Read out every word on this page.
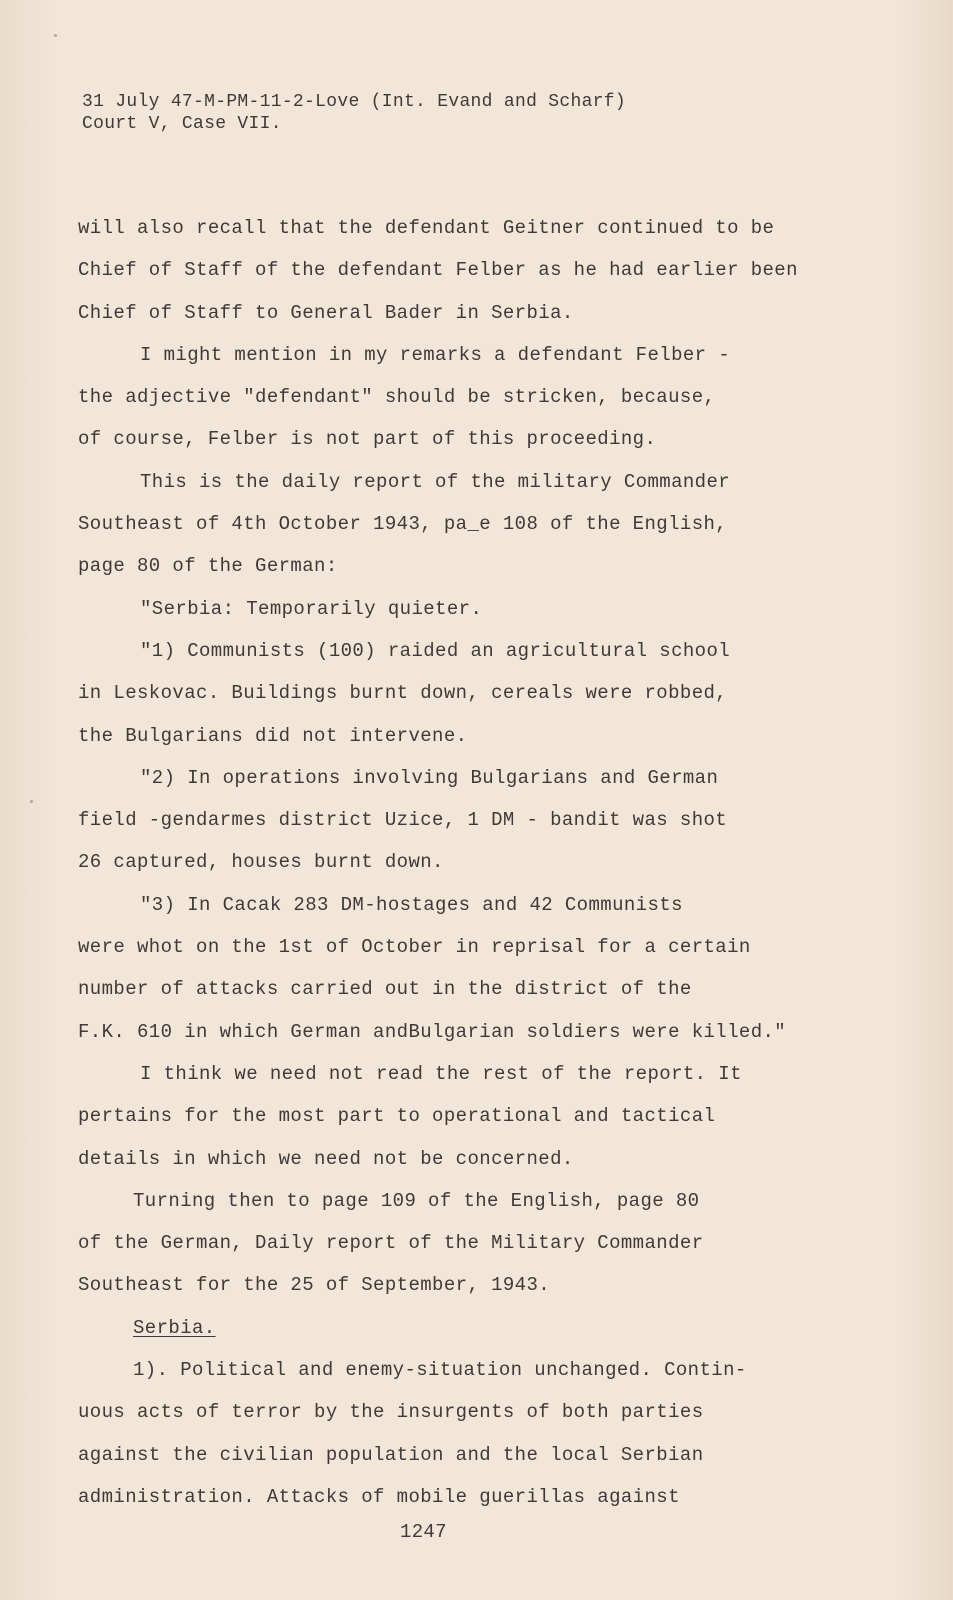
31 July 47-M-PM-11-2-Love (Int. Evand and Scharf)
Court V, Case VII.
will also recall that the defendant Geitner continued to be
Chief of Staff of the defendant Felber as he had earlier been
Chief of Staff to General Bader in Serbia.
I might mention in my remarks a defendant Felber -
the adjective "defendant" should be stricken, because,
of course, Felber is not part of this proceeding.
This is the daily report of the military Commander
Southeast of 4th October 1943, pa_e 108 of the English,
page 80 of the German:
"Serbia: Temporarily quieter.
"1) Communists (100) raided an agricultural school
in Leskovac. Buildings burnt down, cereals were robbed,
the Bulgarians did not intervene.
"2) In operations involving Bulgarians and German
field -gendarmes district Uzice, 1 DM - bandit was shot
26 captured, houses burnt down.
"3) In Cacak 283 DM-hostages and 42 Communists
were whot on the 1st of October in reprisal for a certain
number of attacks carried out in the district of the
F.K. 610 in which German andBulgarian soldiers were killed."
I think we need not read the rest of the report. It
pertains for the most part to operational and tactical
details in which we need not be concerned.
Turning then to page 109 of the English, page 80
of the German, Daily report of the Military Commander
Southeast for the 25 of September, 1943.
Serbia.
1). Political and enemy-situation unchanged. Contin-
uous acts of terror by the insurgents of both parties
against the civilian population and the local Serbian
administration. Attacks of mobile guerillas against
1247
